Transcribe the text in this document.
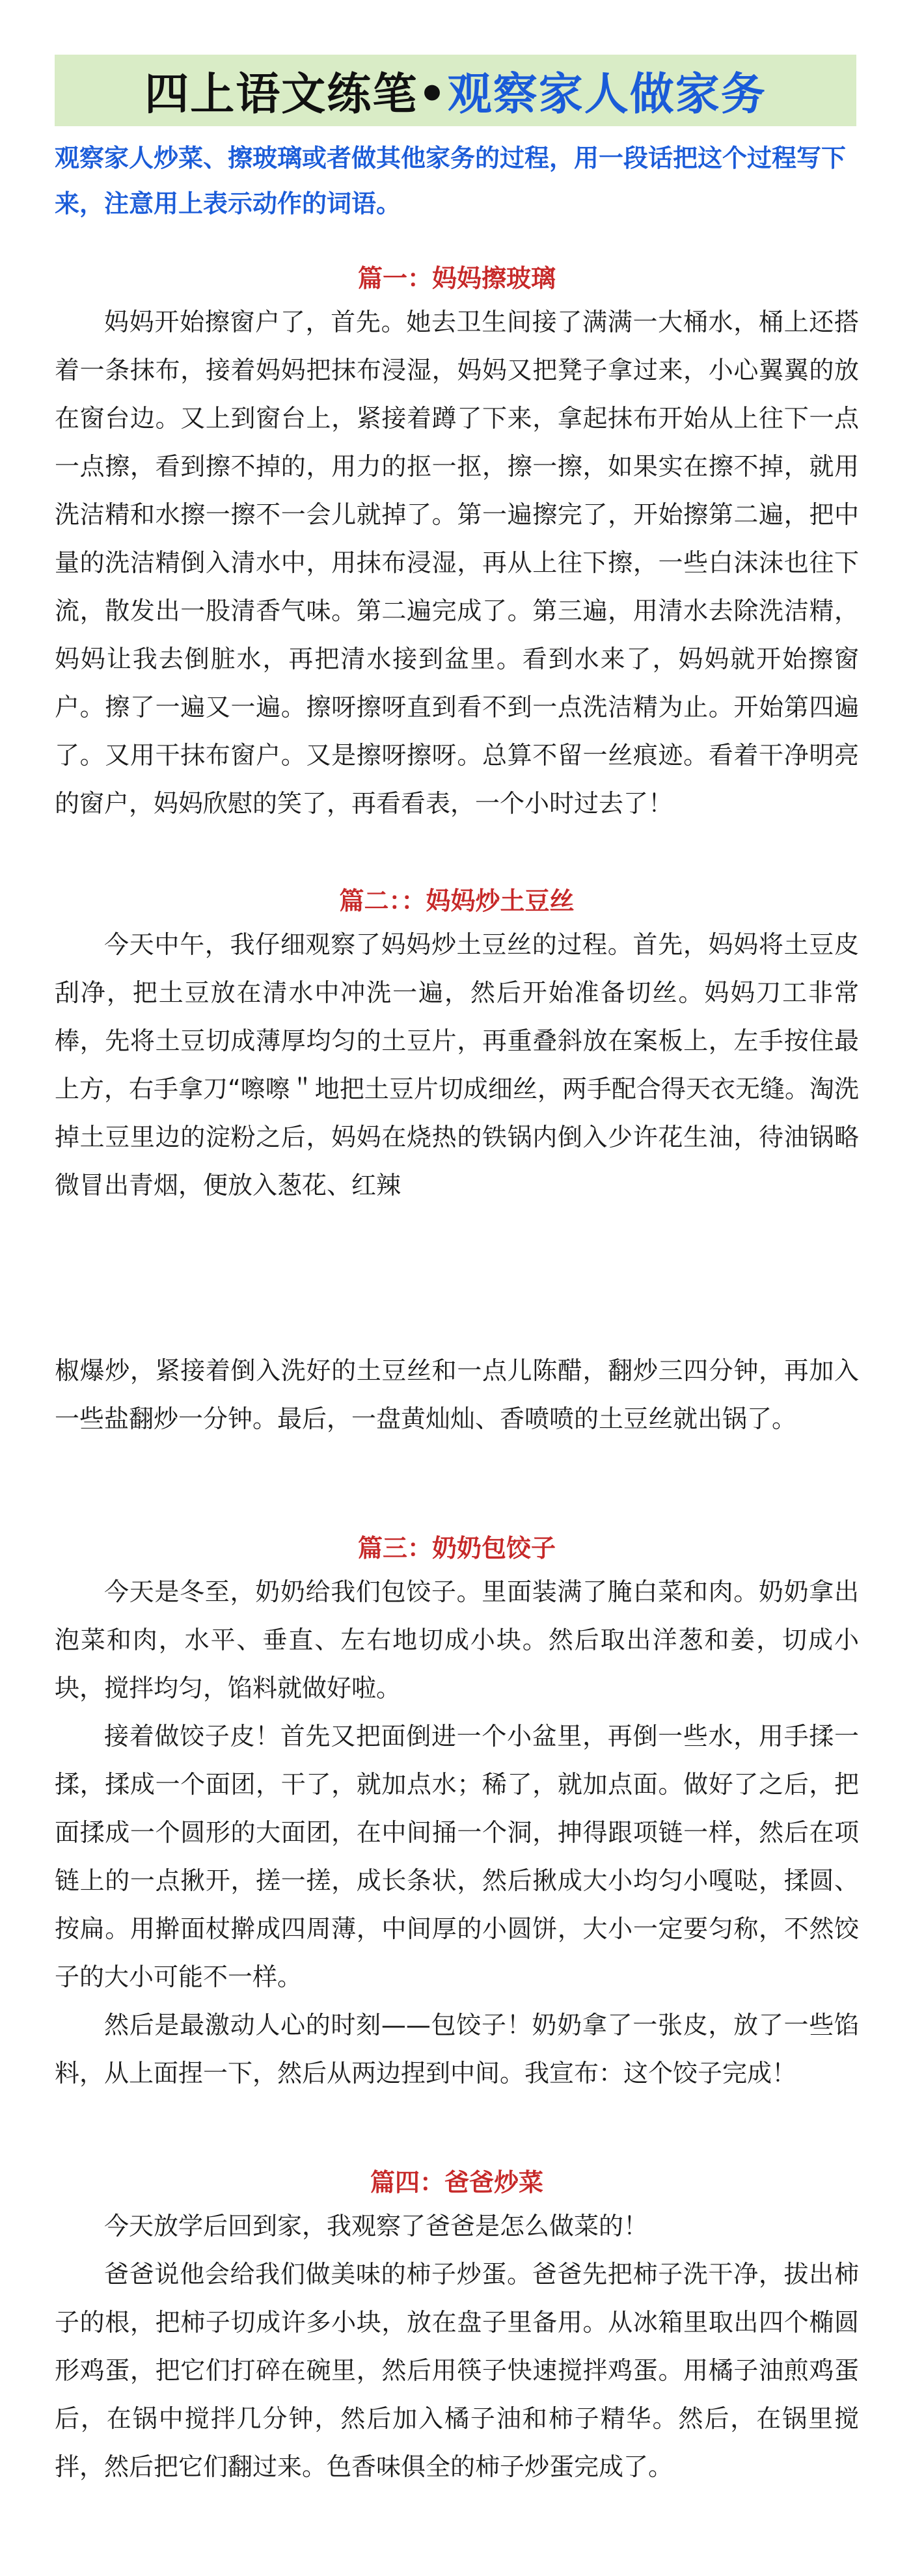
四上语文练笔•观察家人做家务

观察家人炒菜、擦玻璃或者做其他家务的过程，用一段话把这个过程写下来，注意用上表示动作的词语。

篇一：妈妈擦玻璃

妈妈开始擦窗户了，首先。她去卫生间接了满满一大桶水，桶上还搭着一条抹布，接着妈妈把抹布浸湿，妈妈又把凳子拿过来，小心翼翼的放在窗台边。又上到窗台上，紧接着蹲了下来，拿起抹布开始从上往下一点一点擦，看到擦不掉的，用力的抠一抠，擦一擦，如果实在擦不掉，就用洗洁精和水擦一擦不一会儿就掉了。第一遍擦完了，开始擦第二遍，把中量的洗洁精倒入清水中，用抹布浸湿，再从上往下擦，一些白沫沫也往下流，散发出一股清香气味。第二遍完成了。第三遍，用清水去除洗洁精，妈妈让我去倒脏水，再把清水接到盆里。看到水来了，妈妈就开始擦窗户。擦了一遍又一遍。擦呀擦呀直到看不到一点洗洁精为止。开始第四遍了。又用干抹布窗户。又是擦呀擦呀。总算不留一丝痕迹。看着干净明亮的窗户，妈妈欣慰的笑了，再看看表，一个小时过去了！

篇二：：妈妈炒土豆丝

今天中午，我仔细观察了妈妈炒土豆丝的过程。首先，妈妈将土豆皮刮净，把土豆放在清水中冲洗一遍，然后开始准备切丝。妈妈刀工非常棒，先将土豆切成薄厚均匀的土豆片，再重叠斜放在案板上，左手按住最上方，右手拿刀“嚓嚓＂地把土豆片切成细丝，两手配合得天衣无缝。淘洗掉土豆里边的淀粉之后，妈妈在烧热的铁锅内倒入少许花生油，待油锅略微冒出青烟，便放入葱花、红辣

椒爆炒，紧接着倒入洗好的土豆丝和一点儿陈醋，翻炒三四分钟，再加入一些盐翻炒一分钟。最后，一盘黄灿灿、香喷喷的土豆丝就出锅了。

篇三：奶奶包饺子

今天是冬至，奶奶给我们包饺子。里面装满了腌白菜和肉。奶奶拿出泡菜和肉，水平、垂直、左右地切成小块。然后取出洋葱和姜，切成小块，搅拌均匀，馅料就做好啦。

接着做饺子皮！首先又把面倒进一个小盆里，再倒一些水，用手揉一揉，揉成一个面团，干了，就加点水；稀了，就加点面。做好了之后，把面揉成一个圆形的大面团，在中间捅一个洞，抻得跟项链一样，然后在项链上的一点揪开，搓一搓，成长条状，然后揪成大小均匀小嘎哒，揉圆、按扁。用擀面杖擀成四周薄，中间厚的小圆饼，大小一定要匀称，不然饺子的大小可能不一样。

然后是最激动人心的时刻——包饺子！奶奶拿了一张皮，放了一些馅料，从上面捏一下，然后从两边捏到中间。我宣布：这个饺子完成！

篇四：爸爸炒菜

今天放学后回到家，我观察了爸爸是怎么做菜的！

爸爸说他会给我们做美味的柿子炒蛋。爸爸先把柿子洗干净，拔出柿子的根，把柿子切成许多小块，放在盘子里备用。从冰箱里取出四个椭圆形鸡蛋，把它们打碎在碗里，然后用筷子快速搅拌鸡蛋。用橘子油煎鸡蛋后，在锅中搅拌几分钟，然后加入橘子油和柿子精华。然后，在锅里搅拌，然后把它们翻过来。色香味俱全的柿子炒蛋完成了。
